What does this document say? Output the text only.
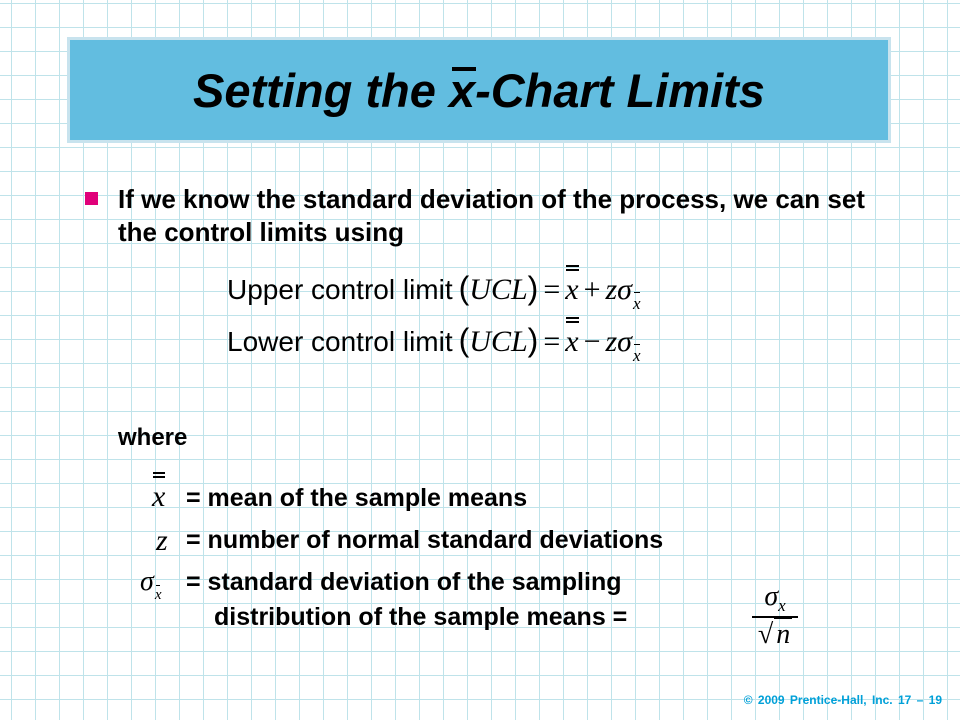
Setting the x-Chart Limits
If we know the standard deviation of the process, we can set the control limits using
Upper control limit ( UCL ) = x + z σ x
Lower control limit ( UCL ) = x − z σ x
where
x = mean of the sample means
z = number of normal standard deviations
$\sigma_x$ = standard deviation of the sampling
distribution of the sample means =
$\sigma_x$
√ n
© 2009 Prentice-Hall, Inc. 17 – 19
